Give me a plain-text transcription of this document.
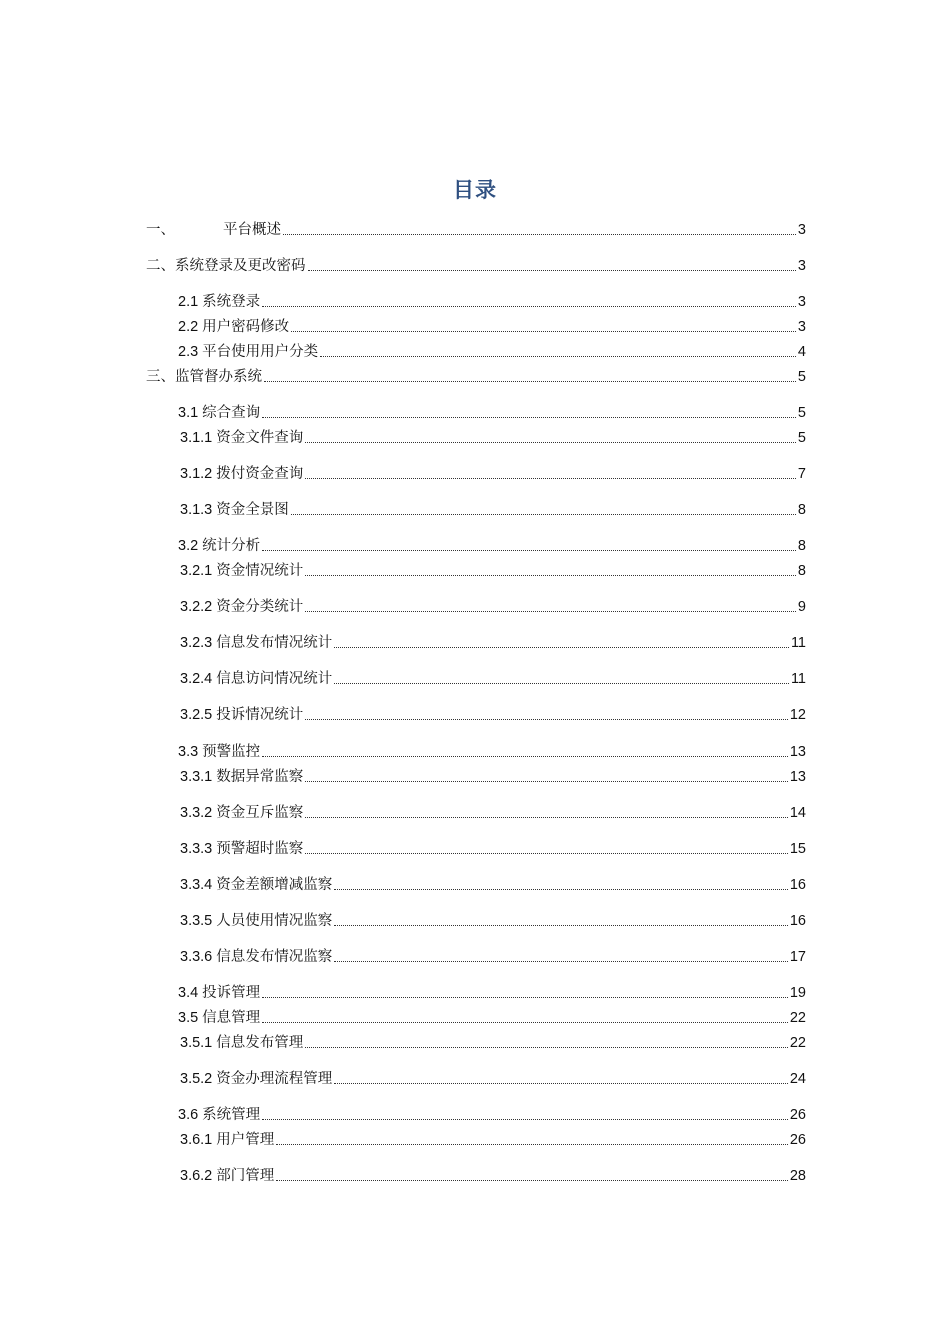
目录
一、	平台概述	3
二、 系统登录及更改密码	3
2.1 系统登录	3
2.2 用户密码修改	3
2.3 平台使用用户分类	4
三、 监管督办系统	5
3.1 综合查询	5
3.1.1 资金文件查询	5
3.1.2 拨付资金查询	7
3.1.3 资金全景图	8
3.2 统计分析	8
3.2.1 资金情况统计	8
3.2.2 资金分类统计	9
3.2.3 信息发布情况统计	11
3.2.4 信息访问情况统计	11
3.2.5 投诉情况统计	12
3.3 预警监控	13
3.3.1 数据异常监察	13
3.3.2 资金互斥监察	14
3.3.3 预警超时监察	15
3.3.4 资金差额增减监察	16
3.3.5 人员使用情况监察	16
3.3.6 信息发布情况监察	17
3.4 投诉管理	19
3.5 信息管理	22
3.5.1 信息发布管理	22
3.5.2 资金办理流程管理	24
3.6 系统管理	26
3.6.1 用户管理	26
3.6.2 部门管理	28
